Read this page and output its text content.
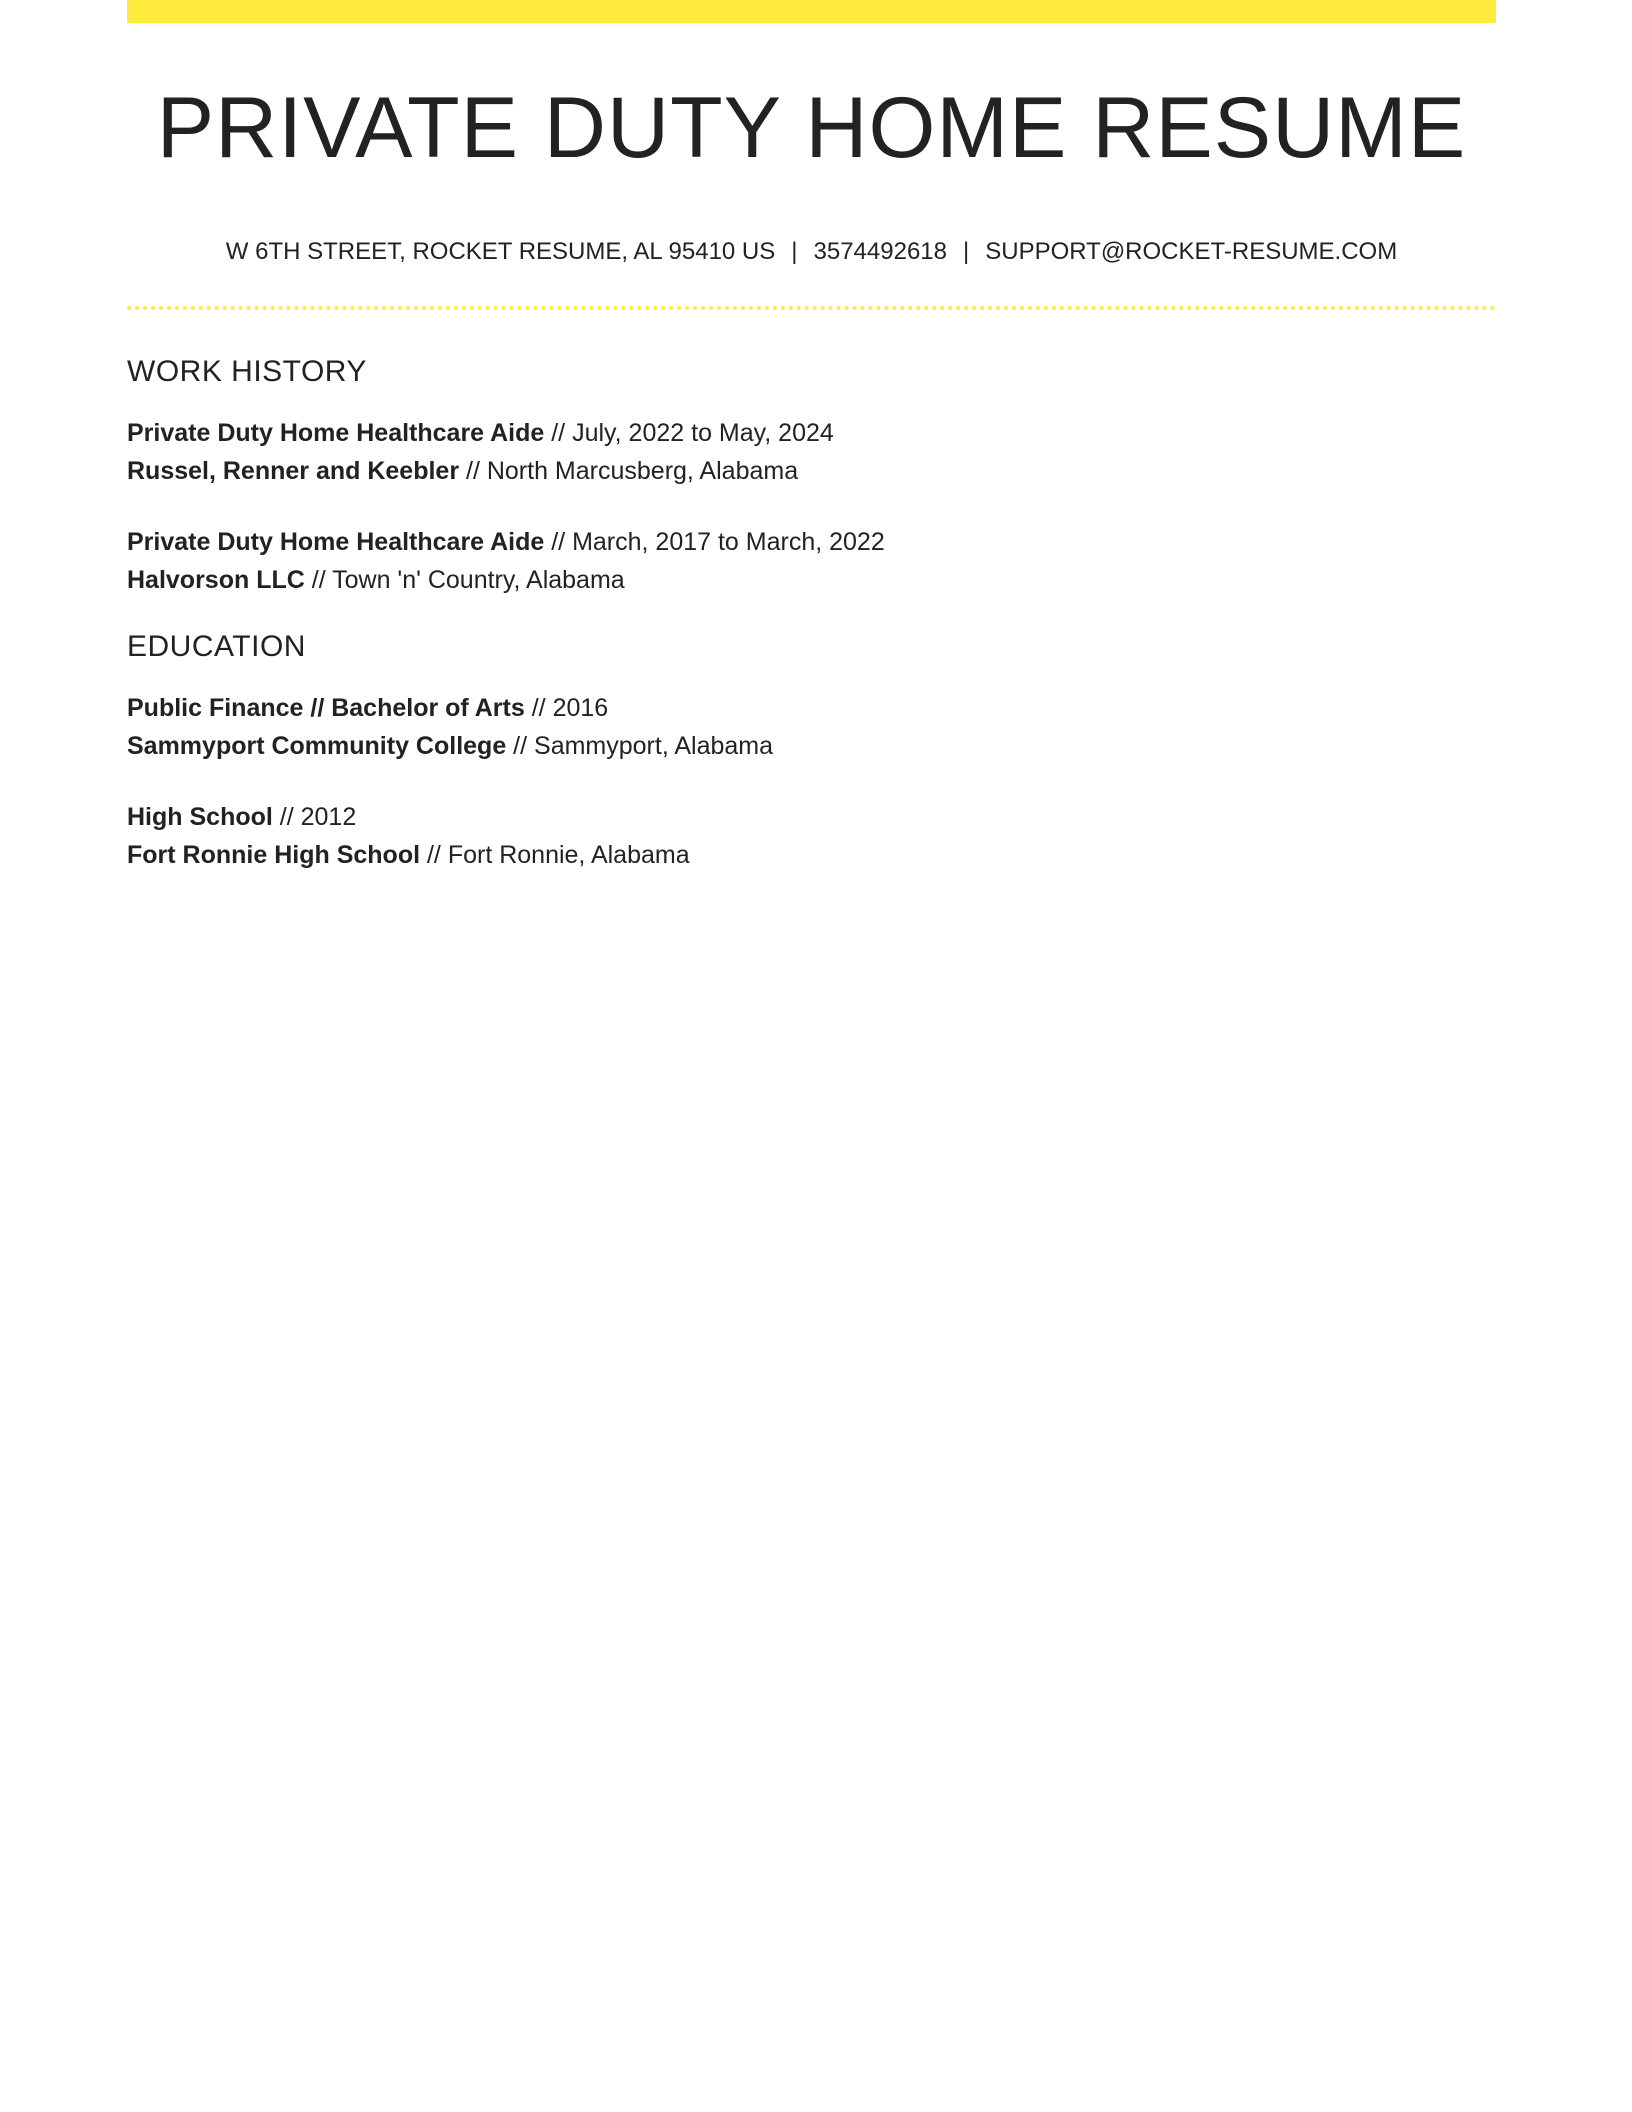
PRIVATE DUTY HOME RESUME
W 6TH STREET, ROCKET RESUME, AL 95410 US | 3574492618 | SUPPORT@ROCKET-RESUME.COM
WORK HISTORY
Private Duty Home Healthcare Aide // July, 2022 to May, 2024
Russel, Renner and Keebler // North Marcusberg, Alabama
Private Duty Home Healthcare Aide // March, 2017 to March, 2022
Halvorson LLC // Town 'n' Country, Alabama
EDUCATION
Public Finance // Bachelor of Arts // 2016
Sammyport Community College // Sammyport, Alabama
High School // 2012
Fort Ronnie High School // Fort Ronnie, Alabama
